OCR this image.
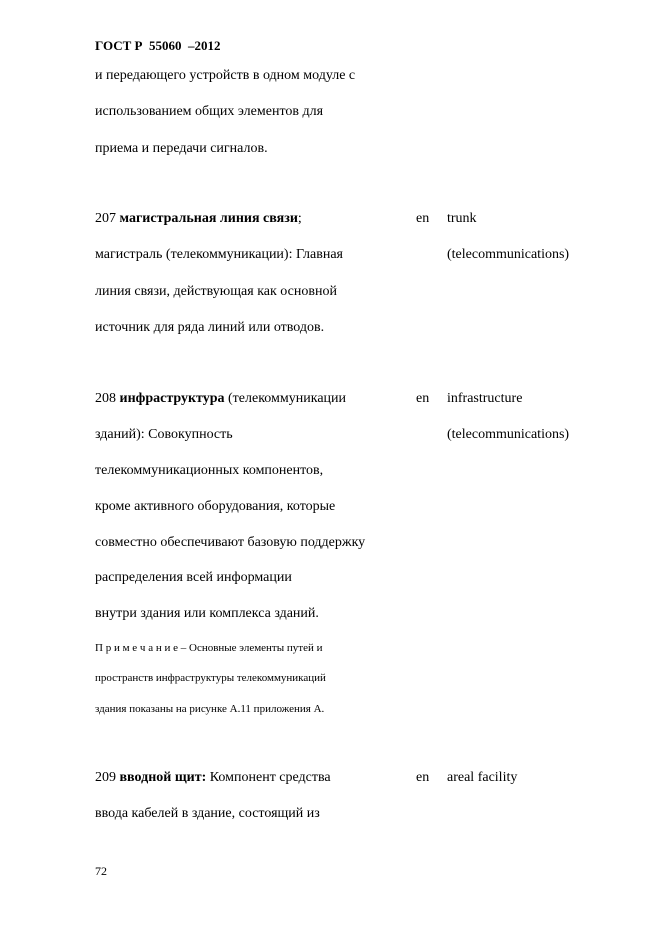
ГОСТ Р  55060  –2012
и передающего устройств в одном модуле с
использованием общих элементов для
приема и передачи сигналов.
207 магистральная линия связи;
магистраль (телекоммуникации): Главная
линия связи, действующая как основной
источник для ряда линий или отводов.
en trunk
(telecommunications)
208 инфраструктура (телекоммуникации
зданий): Совокупность
телекоммуникационных компонентов,
кроме активного оборудования, которые
совместно обеспечивают базовую поддержку
распределения всей информации
внутри здания или комплекса зданий.
en infrastructure
(telecommunications)
П р и м е ч а н и е – Основные элементы путей и
пространств инфраструктуры телекоммуникаций
здания показаны на рисунке А.11 приложения А.
209 вводной щит: Компонент средства
ввода кабелей в здание, состоящий из
en areal facility
72
